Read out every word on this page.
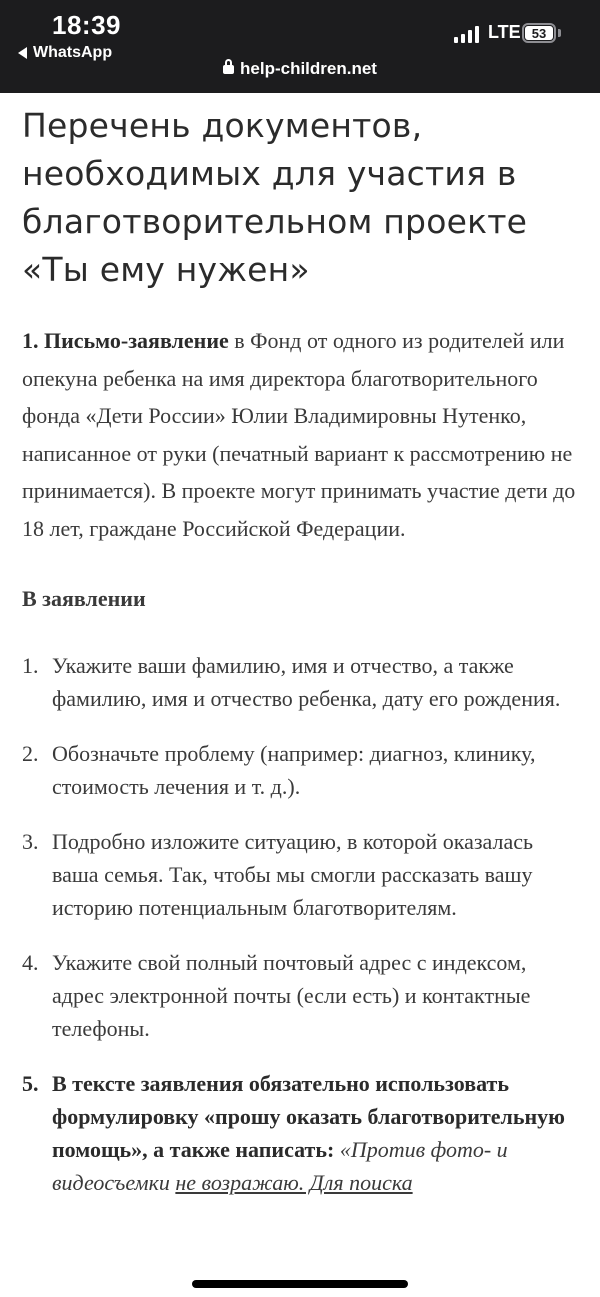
18:39
WhatsApp
LTE 53
help-children.net
Перечень документов, необходимых для участия в благотворительном проекте «Ты ему нужен»

1. Письмо-заявление в Фонд от одного из родителей или опекуна ребенка на имя директора благотворительного фонда «Дети России» Юлии Владимировны Нутенко, написанное от руки (печатный вариант к рассмотрению не принимается). В проекте могут принимать участие дети до 18 лет, граждане Российской Федерации.

В заявлении
1. Укажите ваши фамилию, имя и отчество, а также фамилию, имя и отчество ребенка, дату его рождения.
2. Обозначьте проблему (например: диагноз, клинику, стоимость лечения и т. д.).
3. Подробно изложите ситуацию, в которой оказалась ваша семья. Так, чтобы мы смогли рассказать вашу историю потенциальным благотворителям.
4. Укажите свой полный почтовый адрес с индексом, адрес электронной почты (если есть) и контактные телефоны.
5. В тексте заявления обязательно использовать формулировку «прошу оказать благотворительную помощь», а также написать: «Против фото- и видеосъемки не возражаю. Для поиска
